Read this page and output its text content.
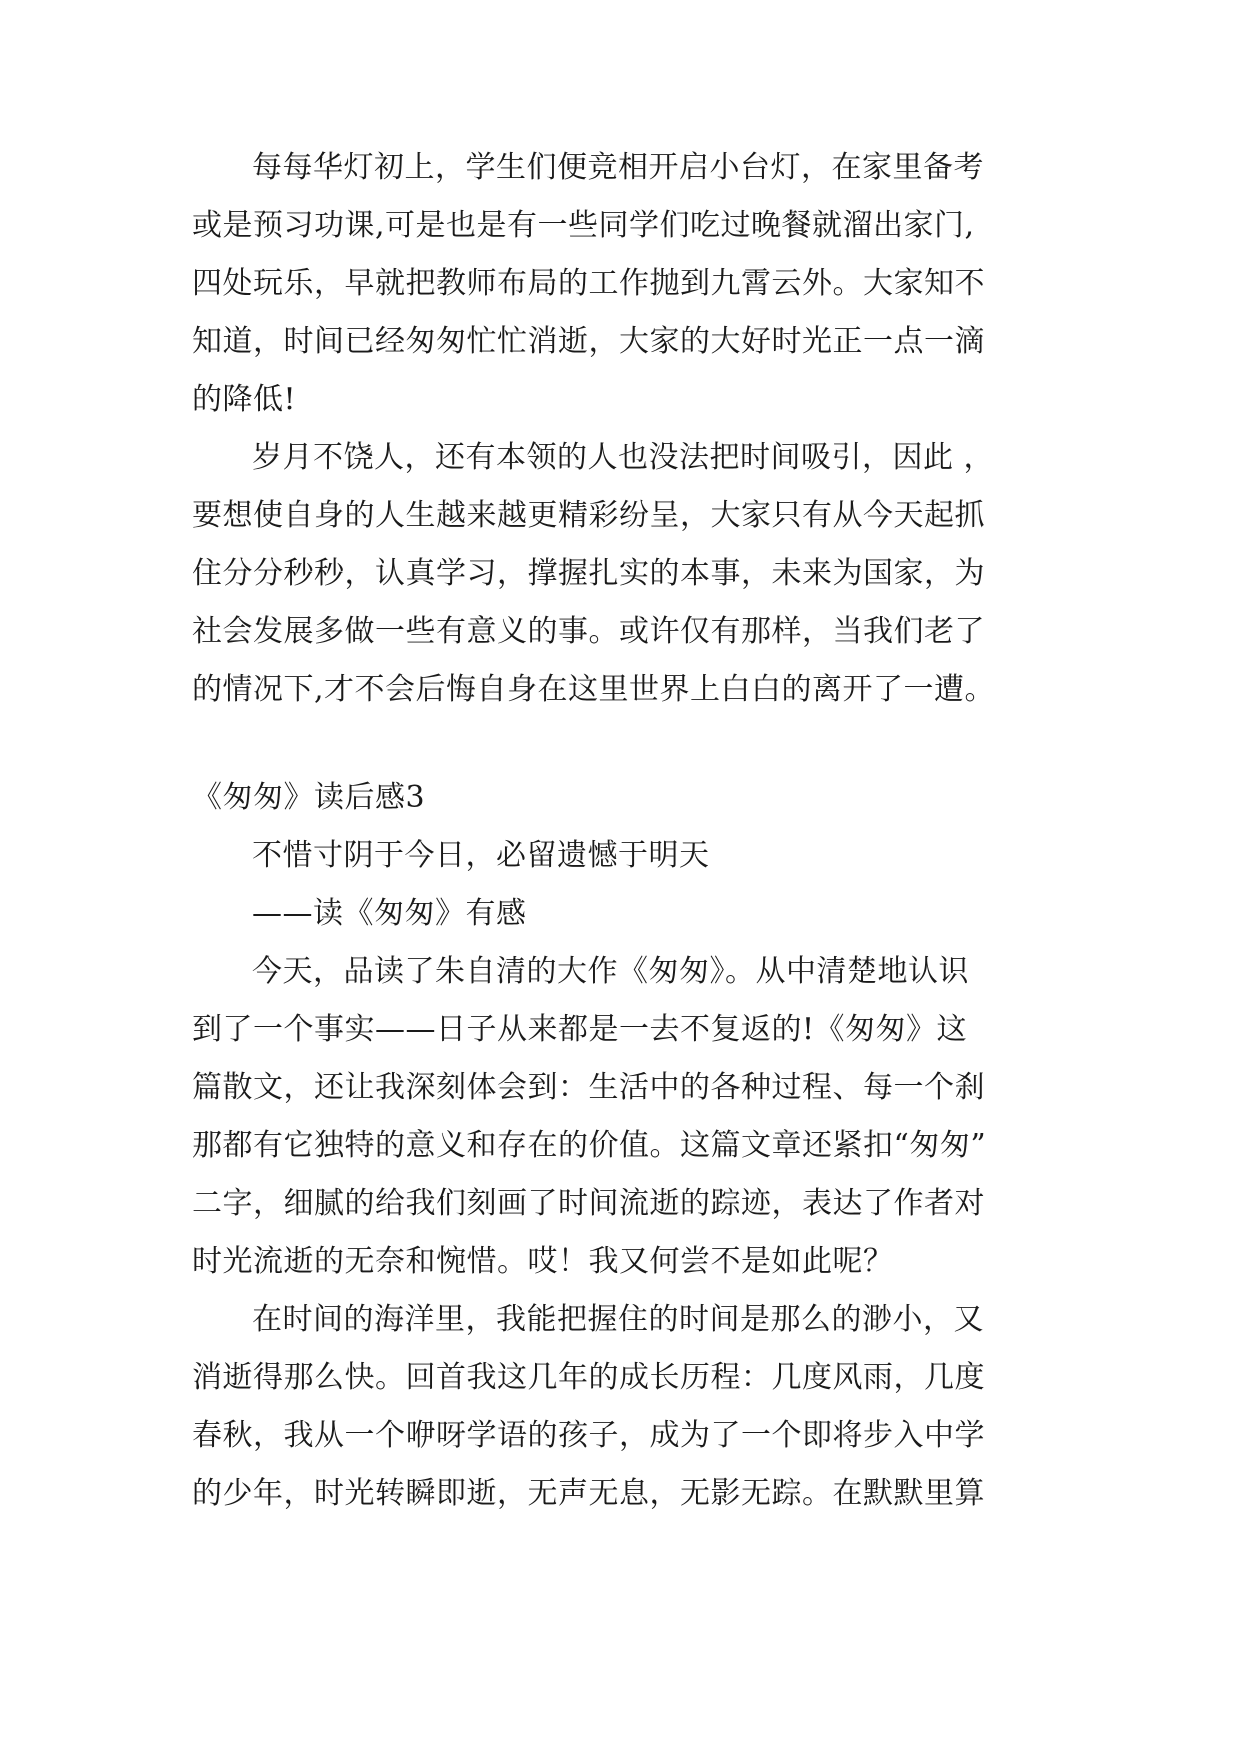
每每华灯初上，学生们便竞相开启小台灯，在家里备考
或是预习功课,可是也是有一些同学们吃过晚餐就溜出家门,
四处玩乐，早就把教师布局的工作抛到九霄云外。大家知不
知道，时间已经匆匆忙忙消逝，大家的大好时光正一点一滴
的降低!
岁月不饶人，还有本领的人也没法把时间吸引，因此 ，
要想使自身的人生越来越更精彩纷呈，大家只有从今天起抓
住分分秒秒，认真学习，撑握扎实的本事，未来为国家，为
社会发展多做一些有意义的事。或许仅有那样，当我们老了
的情况下,才不会后悔自身在这里世界上白白的离开了一遭。
《匆匆》读后感3
不惜寸阴于今日，必留遗憾于明天
——读《匆匆》有感
今天，品读了朱自清的大作《匆匆》。从中清楚地认识
到了一个事实——日子从来都是一去不复返的!《匆匆》这
篇散文，还让我深刻体会到：生活中的各种过程、每一个刹
那都有它独特的意义和存在的价值。这篇文章还紧扣“匆匆”
二字，细腻的给我们刻画了时间流逝的踪迹，表达了作者对
时光流逝的无奈和惋惜。哎！我又何尝不是如此呢？
在时间的海洋里，我能把握住的时间是那么的渺小，又
消逝得那么快。回首我这几年的成长历程：几度风雨，几度
春秋，我从一个咿呀学语的孩子，成为了一个即将步入中学
的少年，时光转瞬即逝，无声无息，无影无踪。在默默里算
